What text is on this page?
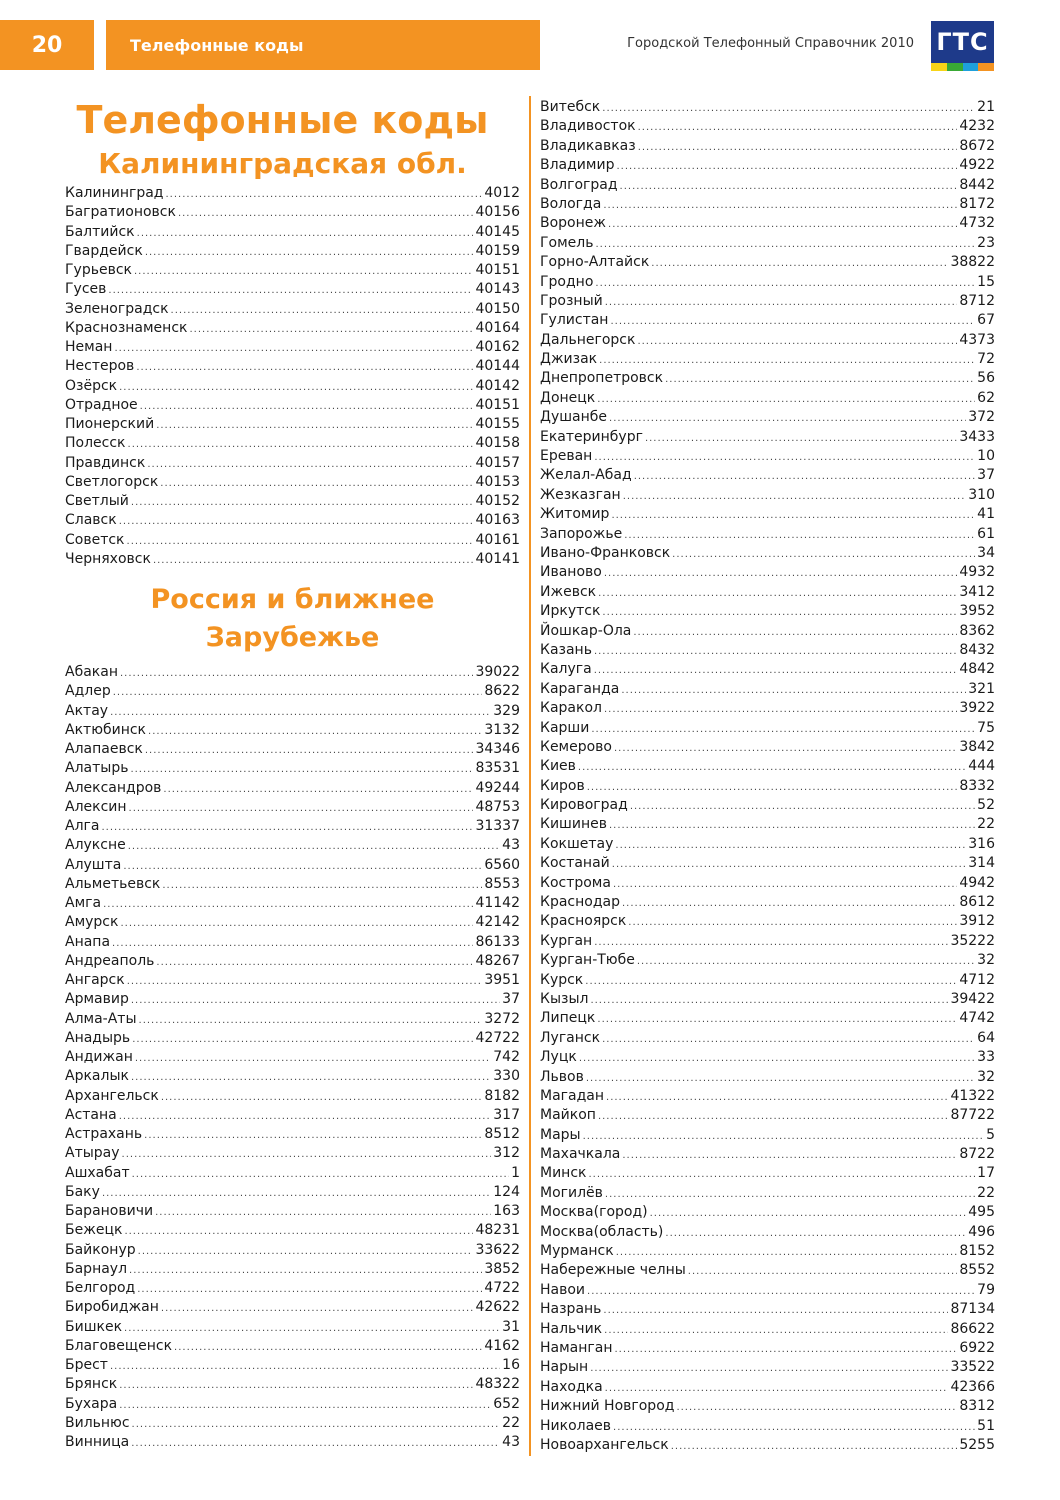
20	Телефонные коды	Городской Телефонный Справочник 2010 ГТС
Телефонные коды
Калининградская обл.
Калининград .....	4012
Багратионовск .....	40156
Балтийск .....	40145
Гвардейск .....	40159
Гурьевск .....	40151
Гусев .....	40143
Зеленоградск .....	40150
Краснознаменск .....	40164
Неман .....	40162
Нестеров .....	40144
Озёрск .....	40142
Отрадное .....	40151
Пионерский .....	40155
Полесск .....	40158
Правдинск .....	40157
Светлогорск .....	40153
Светлый .....	40152
Славск .....	40163
Советск .....	40161
Черняховск .....	40141
Россия и ближнее
Зарубежье
Абакан .....	39022
Адлер .....	8622
Актау .....	329
Актюбинск .....	3132
Алапаевск .....	34346
Алатырь .....	83531
Александров .....	49244
Алексин .....	48753
Алга .....	31337
Алуксне .....	43
Алушта .....	6560
Альметьевск .....	8553
Амга .....	41142
Амурск .....	42142
Анапа .....	86133
Андреаполь .....	48267
Ангарск .....	3951
Армавир .....	37
Алма-Аты .....	3272
Анадырь .....	42722
Андижан .....	742
Аркалык .....	330
Архангельск .....	8182
Астана .....	317
Астрахань .....	8512
Атырау .....	312
Ашхабат .....	1
Баку .....	124
Барановичи .....	163
Бежецк .....	48231
Байконур .....	33622
Барнаул .....	3852
Белгород .....	4722
Биробиджан .....	42622
Бишкек .....	31
Благовещенск .....	4162
Брест .....	16
Брянск .....	48322
Бухара .....	652
Вильнюс .....	22
Винница .....	43
Витебск .....	21
Владивосток .....	4232
Владикавказ .....	8672
Владимир .....	4922
Волгоград .....	8442
Вологда .....	8172
Воронеж .....	4732
Гомель .....	23
Горно-Алтайск .....	38822
Гродно .....	15
Грозный .....	8712
Гулистан .....	67
Дальнегорск .....	4373
Джизак .....	72
Днепропетровск .....	56
Донецк .....	62
Душанбе .....	372
Екатеринбург .....	3433
Ереван .....	10
Желал-Абад .....	37
Жезказган .....	310
Житомир .....	41
Запорожье .....	61
Ивано-Франковск .....	34
Иваново .....	4932
Ижевск .....	3412
Иркутск .....	3952
Йошкар-Ола .....	8362
Казань .....	8432
Калуга .....	4842
Караганда .....	321
Каракол .....	3922
Карши .....	75
Кемерово .....	3842
Киев .....	444
Киров .....	8332
Кировоград .....	52
Кишинев .....	22
Кокшетау .....	316
Костанай .....	314
Кострома .....	4942
Краснодар .....	8612
Красноярск .....	3912
Курган .....	35222
Курган-Тюбе .....	32
Курск .....	4712
Кызыл .....	39422
Липецк .....	4742
Луганск .....	64
Луцк .....	33
Львов .....	32
Магадан .....	41322
Майкоп .....	87722
Мары .....	5
Махачкала .....	8722
Минск .....	17
Могилёв .....	22
Москва(город) .....	495
Москва(область) .....	496
Мурманск .....	8152
Набережные челны .....	8552
Навои .....	79
Назрань .....	87134
Нальчик .....	86622
Наманган .....	6922
Нарын .....	33522
Находка .....	42366
Нижний Новгород .....	8312
Николаев .....	51
Новоархангельск .....	5255
